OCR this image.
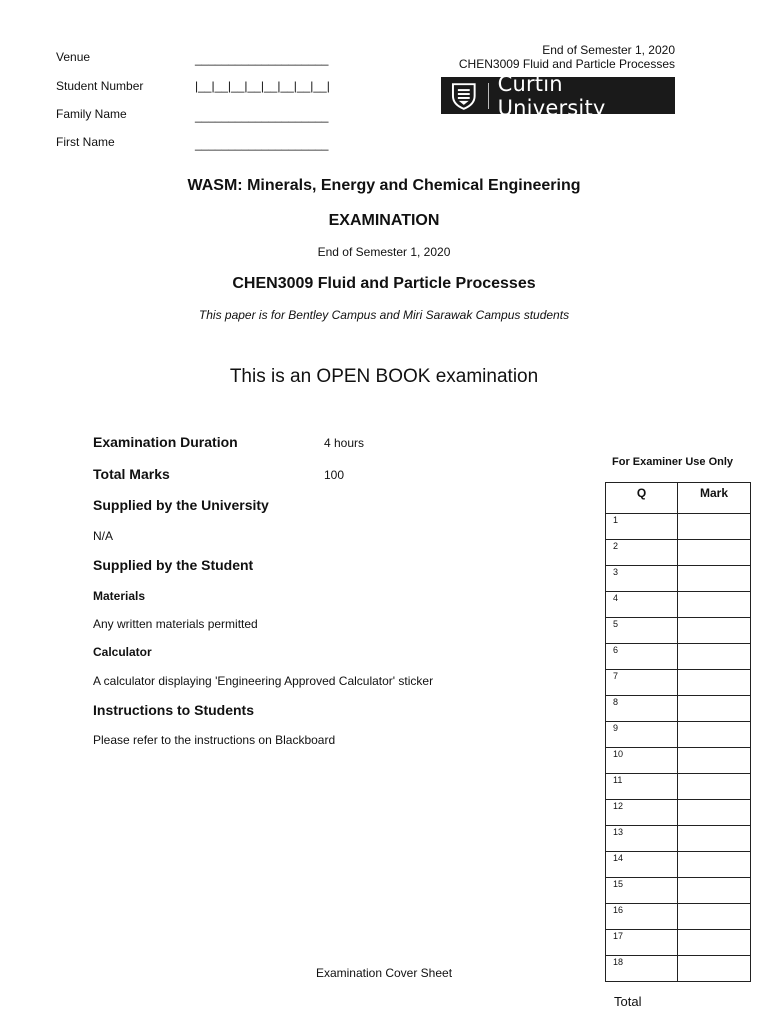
Venue	____________________
Student Number	|__|__|__|__|__|__|__|__|
Family Name	____________________
First Name	____________________
End of Semester 1, 2020
CHEN3009 Fluid and Particle Processes
Curtin University
WASM: Minerals, Energy and Chemical Engineering
EXAMINATION
End of Semester 1, 2020
CHEN3009 Fluid and Particle Processes
This paper is for Bentley Campus and Miri Sarawak Campus students
This is an OPEN BOOK examination
Examination Duration	4 hours
Total Marks	100
Supplied by the University
N/A
Supplied by the Student
Materials
Any written materials permitted
Calculator
A calculator displaying 'Engineering Approved Calculator' sticker
Instructions to Students
Please refer to the instructions on Blackboard
For Examiner Use Only
Q	Mark
1	
2	
3	
4	
5	
6	
7	
8	
9	
10	
11	
12	
13	
14	
15	
16	
17	
18	
Total
Examination Cover Sheet
